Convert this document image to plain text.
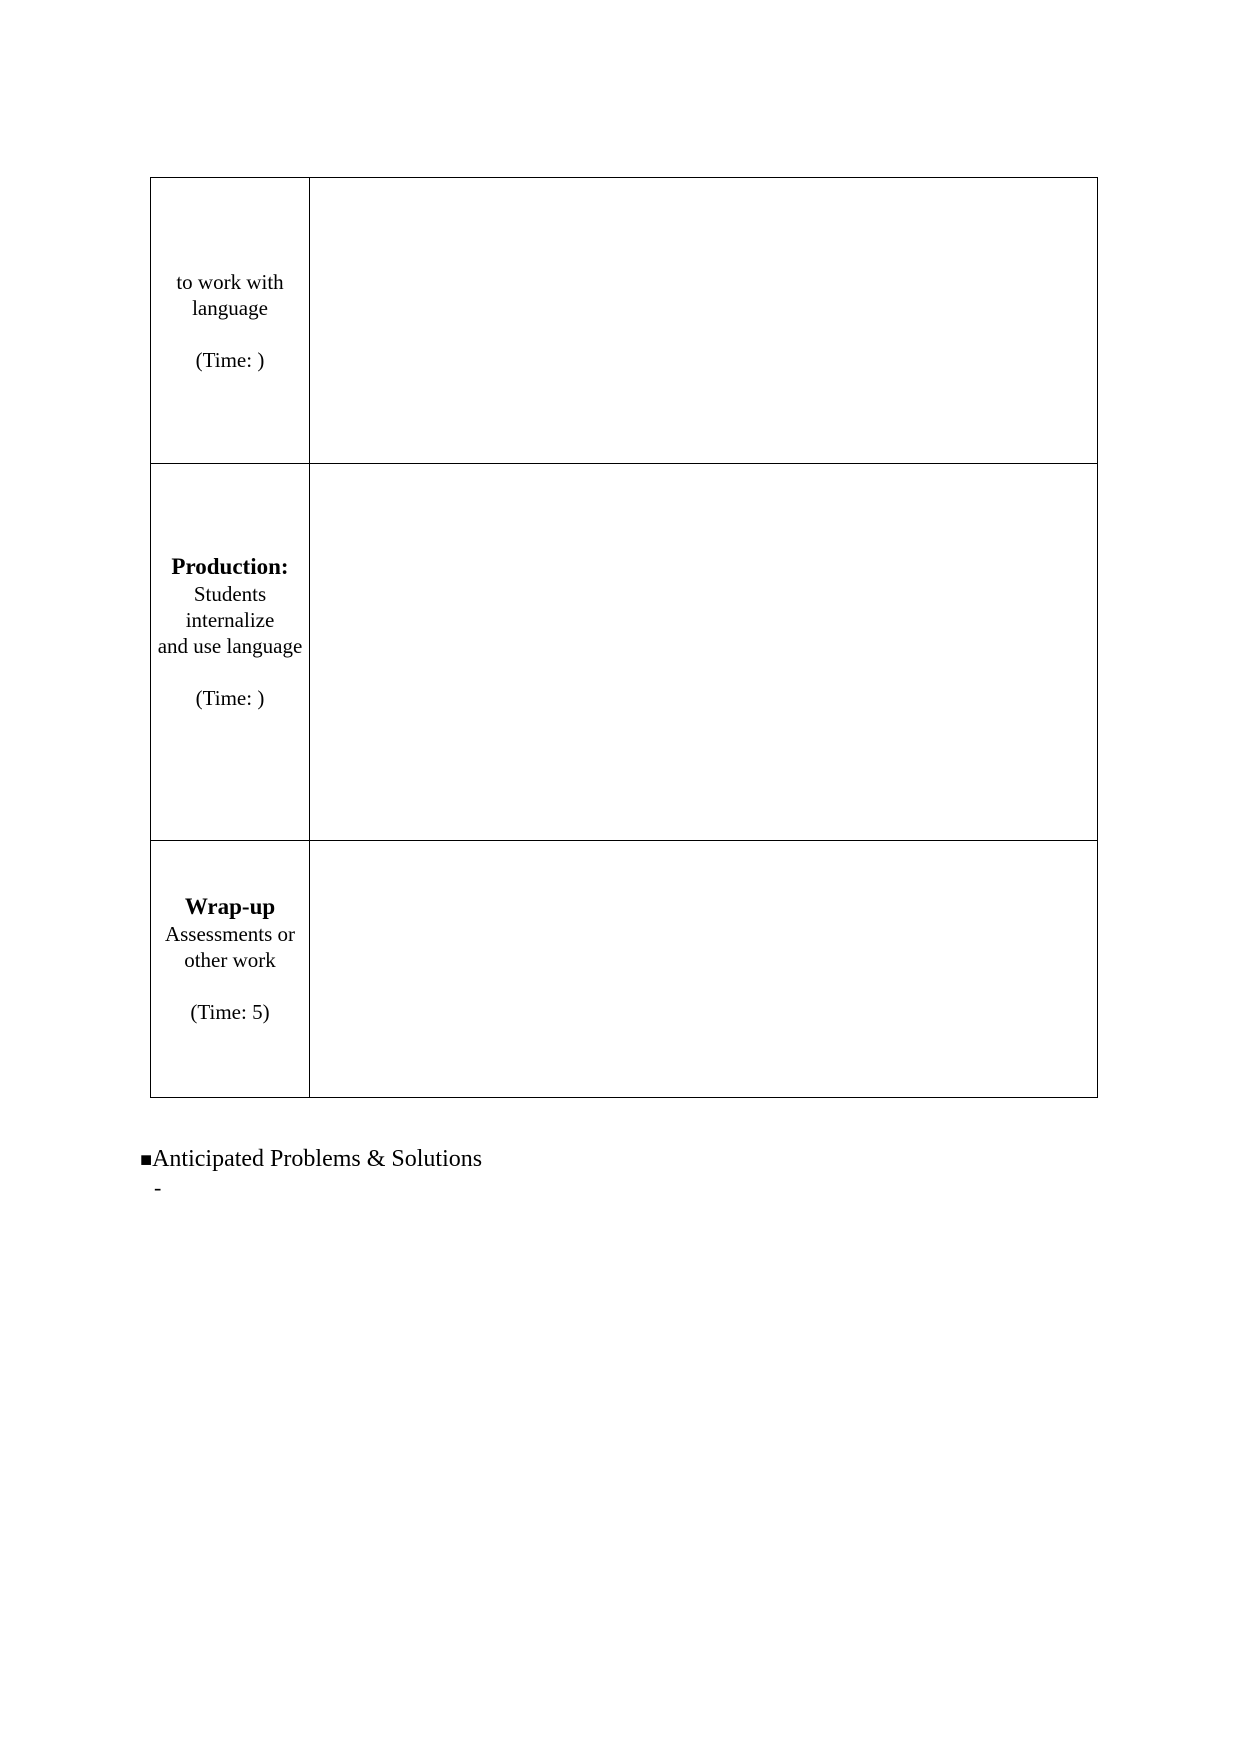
to work with
language
(Time: )	

Production:
Students
internalize
and use language
(Time: )	

Wrap-up
Assessments or
other work
(Time: 5)	

■Anticipated Problems & Solutions
-
